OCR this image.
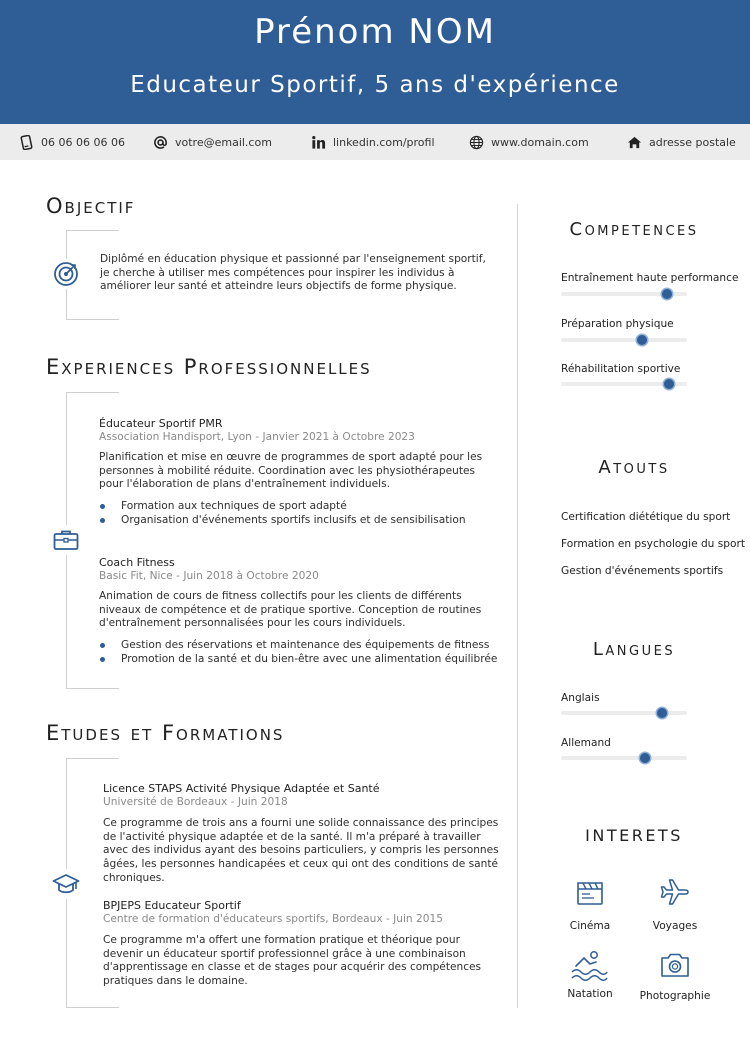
Prénom NOM
Educateur Sportif, 5 ans d'expérience
06 06 06 06 06	votre@email.com	linkedin.com/profil	www.domain.com	adresse postale
Objectif
Diplômé en éducation physique et passionné par l'enseignement sportif, je cherche à utiliser mes compétences pour inspirer les individus à améliorer leur santé et atteindre leurs objectifs de forme physique.
Experiences Professionnelles
Éducateur Sportif PMR
Association Handisport, Lyon - Janvier 2021 à Octobre 2023
Planification et mise en œuvre de programmes de sport adapté pour les personnes à mobilité réduite. Coordination avec les physiothérapeutes pour l'élaboration de plans d'entraînement individuels.
Formation aux techniques de sport adapté
Organisation d'événements sportifs inclusifs et de sensibilisation
Coach Fitness
Basic Fit, Nice - Juin 2018 à Octobre 2020
Animation de cours de fitness collectifs pour les clients de différents niveaux de compétence et de pratique sportive. Conception de routines d'entraînement personnalisées pour les cours individuels.
Gestion des réservations et maintenance des équipements de fitness
Promotion de la santé et du bien-être avec une alimentation équilibrée
Etudes et Formations
Licence STAPS Activité Physique Adaptée et Santé
Université de Bordeaux - Juin 2018
Ce programme de trois ans a fourni une solide connaissance des principes de l'activité physique adaptée et de la santé. Il m'a préparé à travailler avec des individus ayant des besoins particuliers, y compris les personnes âgées, les personnes handicapées et ceux qui ont des conditions de santé chroniques.
BPJEPS Educateur Sportif
Centre de formation d'éducateurs sportifs, Bordeaux - Juin 2015
Ce programme m'a offert une formation pratique et théorique pour devenir un éducateur sportif professionnel grâce à une combinaison d'apprentissage en classe et de stages pour acquérir des compétences pratiques dans le domaine.
Competences
Entraînement haute performance
Préparation physique
Réhabilitation sportive
Atouts
Certification diététique du sport
Formation en psychologie du sport
Gestion d'événements sportifs
Langues
Anglais
Allemand
INTERETS
Cinéma	Voyages
Natation	Photographie
